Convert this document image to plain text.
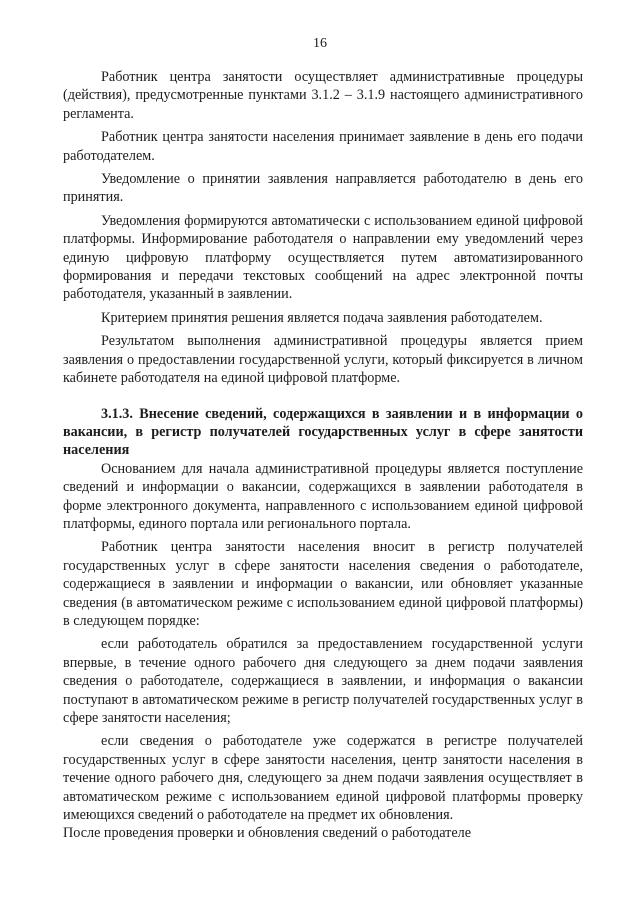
16

Работник центра занятости осуществляет административные процедуры (действия), предусмотренные пунктами 3.1.2 – 3.1.9 настоящего административного регламента.

Работник центра занятости населения принимает заявление в день его подачи работодателем.

Уведомление о принятии заявления направляется работодателю в день его принятия.

Уведомления формируются автоматически с использованием единой цифровой платформы. Информирование работодателя о направлении ему уведомлений через единую цифровую платформу осуществляется путем автоматизированного формирования и передачи текстовых сообщений на адрес электронной почты работодателя, указанный в заявлении.

Критерием принятия решения является подача заявления работодателем.

Результатом выполнения административной процедуры является прием заявления о предоставлении государственной услуги, который фиксируется в личном кабинете работодателя на единой цифровой платформе.

3.1.3. Внесение сведений, содержащихся в заявлении и в информации о вакансии, в регистр получателей государственных услуг в сфере занятости населения

Основанием для начала административной процедуры является поступление сведений и информации о вакансии, содержащихся в заявлении работодателя в форме электронного документа, направленного с использованием единой цифровой платформы, единого портала или регионального портала.

Работник центра занятости населения вносит в регистр получателей государственных услуг в сфере занятости населения сведения о работодателе, содержащиеся в заявлении и информации о вакансии, или обновляет указанные сведения (в автоматическом режиме с использованием единой цифровой платформы) в следующем порядке:

если работодатель обратился за предоставлением государственной услуги впервые, в течение одного рабочего дня следующего за днем подачи заявления сведения о работодателе, содержащиеся в заявлении, и информация о вакансии поступают в автоматическом режиме в регистр получателей государственных услуг в сфере занятости населения;

если сведения о работодателе уже содержатся в регистре получателей государственных услуг в сфере занятости населения, центр занятости населения в течение одного рабочего дня, следующего за днем подачи заявления осуществляет в автоматическом режиме с использованием единой цифровой платформы проверку имеющихся сведений о работодателе на предмет их обновления.

После проведения проверки и обновления сведений о работодателе
